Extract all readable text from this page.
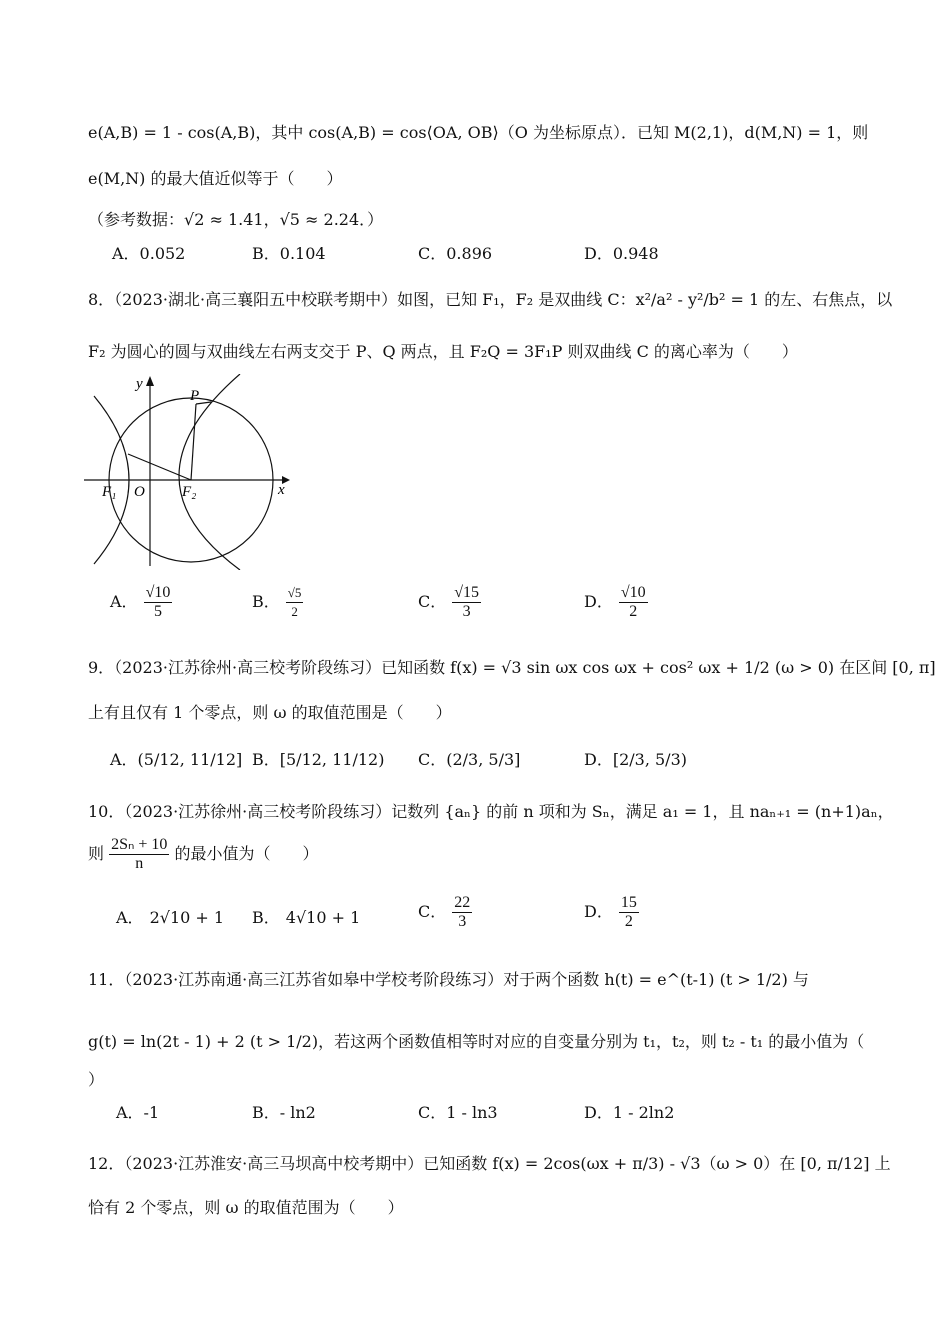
e(A,B) = 1 - cos(A,B)，其中 cos(A,B) = cos⟨OA, OB⟩（O 为坐标原点）．已知 M(2,1)，d(M,N) = 1，则
e(M,N) 的最大值近似等于（　　）
（参考数据：√2 ≈ 1.41，√5 ≈ 2.24．）
A．0.052	B．0.104	C．0.896	D．0.948
8．（2023·湖北·高三襄阳五中校联考期中）如图，已知 F₁，F₂ 是双曲线 C：x²/a² - y²/b² = 1 的左、右焦点，以
F₂ 为圆心的圆与双曲线左右两支交于 P、Q 两点，且 F₂Q = 3F₁P 则双曲线 C 的离心率为（　　）
y
x
P
O
F₁	F₂
A． $\frac{√10}{5}$	B． $\frac{√5}{2}$	C． $\frac{√15}{3}$	D． $\frac{√10}{2}$
9．（2023·江苏徐州·高三校考阶段练习）已知函数 f(x) = √3 sin ωx cos ωx + cos² ωx + 1/2 (ω > 0) 在区间 [0, π]
上有且仅有 1 个零点，则 ω 的取值范围是（　　）
A．(5/12, 11/12] B．[5/12, 11/12) C．(2/3, 5/3]	D．[2/3, 5/3)
10．（2023·江苏徐州·高三校考阶段练习）记数列 {aₙ} 的前 n 项和为 Sₙ，满足 a₁ = 1，且 naₙ₊₁ = (n+1)aₙ，
则 $\frac{\text{2Sₙ + 10}}{n}$ 的最小值为（　　）
A． 2√10 + 1 B． 4√10 + 1	C． $\frac{22}{3}$	D． $\frac{15}{2}$
11．（2023·江苏南通·高三江苏省如皋中学校考阶段练习）对于两个函数 h(t) = e^(t-1) (t > 1/2) 与
g(t) = ln(2t - 1) + 2 (t > 1/2)，若这两个函数值相等时对应的自变量分别为 t₁，t₂，则 t₂ - t₁ 的最小值为（
）
A．-1	B．- ln2	C．1 - ln3	D．1 - 2ln2
12．（2023·江苏淮安·高三马坝高中校考期中）已知函数 f(x) = 2cos(ωx + π/3) - √3（ω > 0）在 [0, π/12] 上
恰有 2 个零点，则 ω 的取值范围为（　　）
